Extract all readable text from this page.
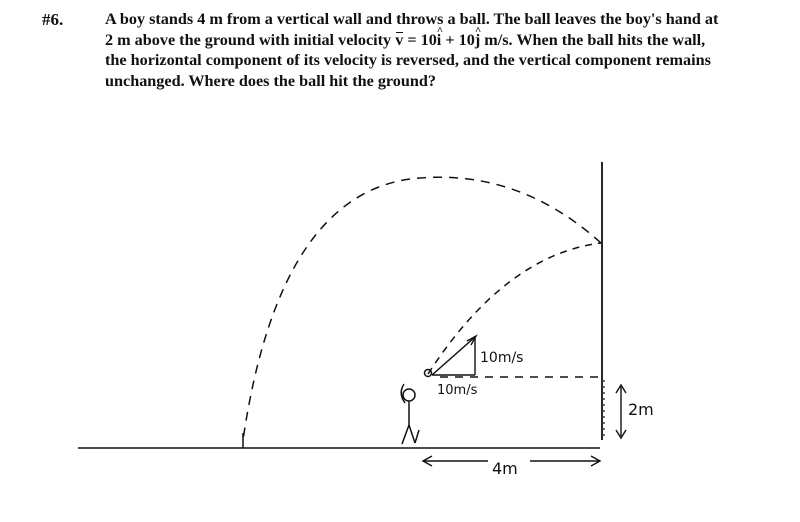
#6.	A boy stands 4 m from a vertical wall and throws a ball. The ball leaves the boy's hand at
2 m above the ground with initial velocity v = 10^ i + 10^ j m/s. When the ball hits the wall,
the horizontal component of its velocity is reversed, and the vertical component remains
unchanged. Where does the ball hit the ground?
10m/s
10m/s
2m
4m
